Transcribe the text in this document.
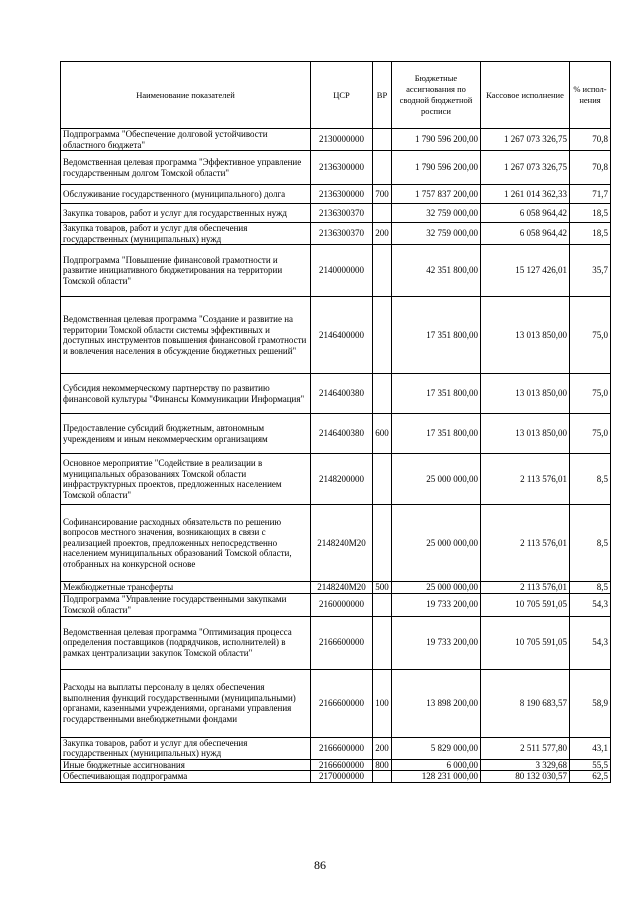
Наименование показателей	ЦСР	ВР	Бюджетные ассигнования по сводной бюджетной росписи	Кассовое исполнение	% испол-нения
Подпрограмма "Обеспечение долговой устойчивости областного бюджета"	2130000000		1 790 596 200,00	1 267 073 326,75	70,8
Ведомственная целевая программа "Эффективное управление государственным долгом Томской области"	2136300000		1 790 596 200,00	1 267 073 326,75	70,8
Обслуживание государственного (муниципального) долга	2136300000	700	1 757 837 200,00	1 261 014 362,33	71,7
Закупка товаров, работ и услуг для государственных нужд	2136300370		32 759 000,00	6 058 964,42	18,5
Закупка товаров, работ и услуг для обеспечения государственных (муниципальных) нужд	2136300370	200	32 759 000,00	6 058 964,42	18,5
Подпрограмма "Повышение финансовой грамотности и развитие инициативного бюджетирования на территории Томской области"	2140000000		42 351 800,00	15 127 426,01	35,7
Ведомственная целевая программа "Создание и развитие на территории Томской области системы эффективных и доступных инструментов повышения финансовой грамотности и вовлечения населения в обсуждение бюджетных решений"	2146400000		17 351 800,00	13 013 850,00	75,0
Субсидия некоммерческому партнерству по развитию финансовой культуры "Финансы Коммуникации Информация"	2146400380		17 351 800,00	13 013 850,00	75,0
Предоставление субсидий бюджетным, автономным учреждениям и иным некоммерческим организациям	2146400380	600	17 351 800,00	13 013 850,00	75,0
Основное мероприятие "Содействие в реализации в муниципальных образованиях Томской области инфраструктурных проектов, предложенных населением Томской области"	2148200000		25 000 000,00	2 113 576,01	8,5
Софинансирование расходных обязательств по решению вопросов местного значения, возникающих в связи с реализацией проектов, предложенных непосредственно населением муниципальных образований Томской области, отобранных на конкурсной основе	2148240M20		25 000 000,00	2 113 576,01	8,5
Межбюджетные трансферты	2148240M20	500	25 000 000,00	2 113 576,01	8,5
Подпрограмма "Управление государственными закупками Томской области"	2160000000		19 733 200,00	10 705 591,05	54,3
Ведомственная целевая программа "Оптимизация процесса определения поставщиков (подрядчиков, исполнителей) в рамках централизации закупок Томской области"	2166600000		19 733 200,00	10 705 591,05	54,3
Расходы на выплаты персоналу в целях обеспечения выполнения функций государственными (муниципальными) органами, казенными учреждениями, органами управления государственными внебюджетными фондами	2166600000	100	13 898 200,00	8 190 683,57	58,9
Закупка товаров, работ и услуг для обеспечения государственных (муниципальных) нужд	2166600000	200	5 829 000,00	2 511 577,80	43,1
Иные бюджетные ассигнования	2166600000	800	6 000,00	3 329,68	55,5
Обеспечивающая подпрограмма	2170000000		128 231 000,00	80 132 030,57	62,5
86
